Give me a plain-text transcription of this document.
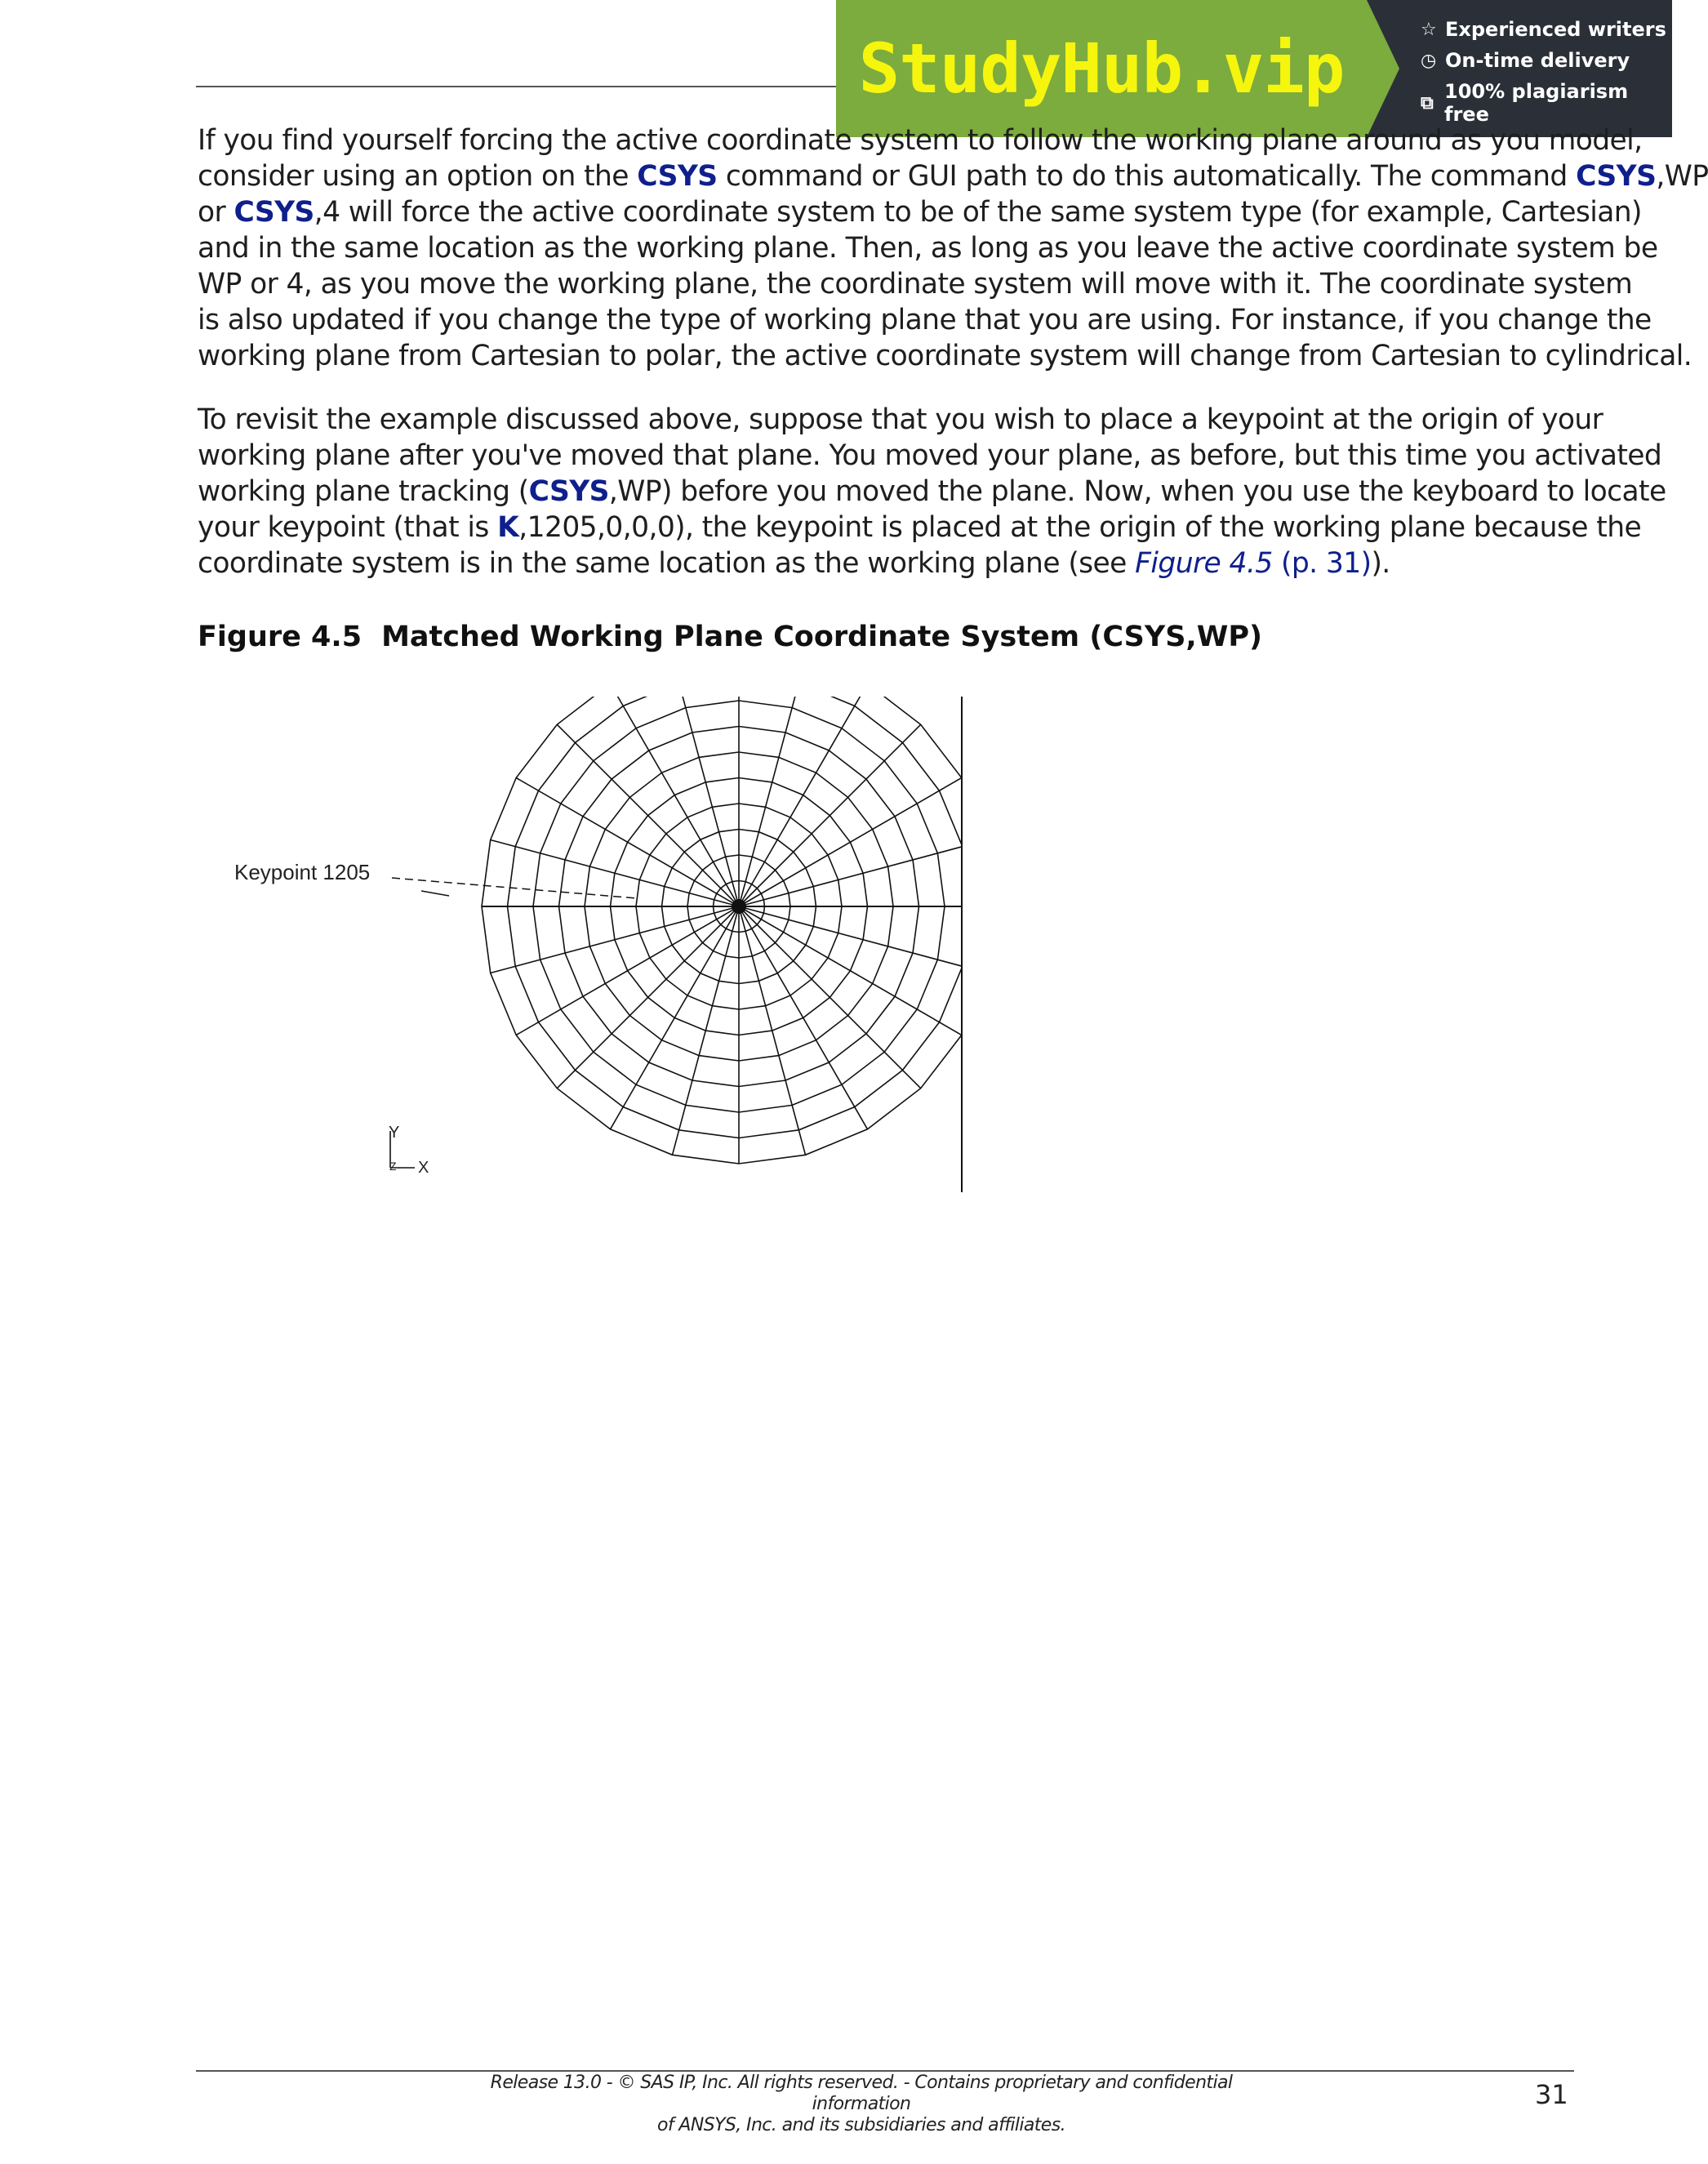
StudyHub.vip	☆ Experienced writers
◷ On-time delivery
⧉ 100% plagiarism free

If you find yourself forcing the active coordinate system to follow the working plane around as you model,

consider using an option on the CSYS command or GUI path to do this automatically. The command CSYS,WP

or CSYS,4 will force the active coordinate system to be of the same system type (for example, Cartesian)

and in the same location as the working plane. Then, as long as you leave the active coordinate system be

WP or 4, as you move the working plane, the coordinate system will move with it. The coordinate system

is also updated if you change the type of working plane that you are using. For instance, if you change the

working plane from Cartesian to polar, the active coordinate system will change from Cartesian to cylindrical.

To revisit the example discussed above, suppose that you wish to place a keypoint at the origin of your

working plane after you've moved that plane. You moved your plane, as before, but this time you activated

working plane tracking (CSYS,WP) before you moved the plane. Now, when you use the keyboard to locate

your keypoint (that is K,1205,0,0,0), the keypoint is placed at the origin of the working plane because the

coordinate system is in the same location as the working plane (see Figure 4.5 (p. 31)).

Figure 4.5 Matched Working Plane Coordinate System (CSYS,WP)
Keypoint 1205
Y
X
Z
Release 13.0 - © SAS IP, Inc. All rights reserved. - Contains proprietary and confidential information
of ANSYS, Inc. and its subsidiaries and affiliates.
31
